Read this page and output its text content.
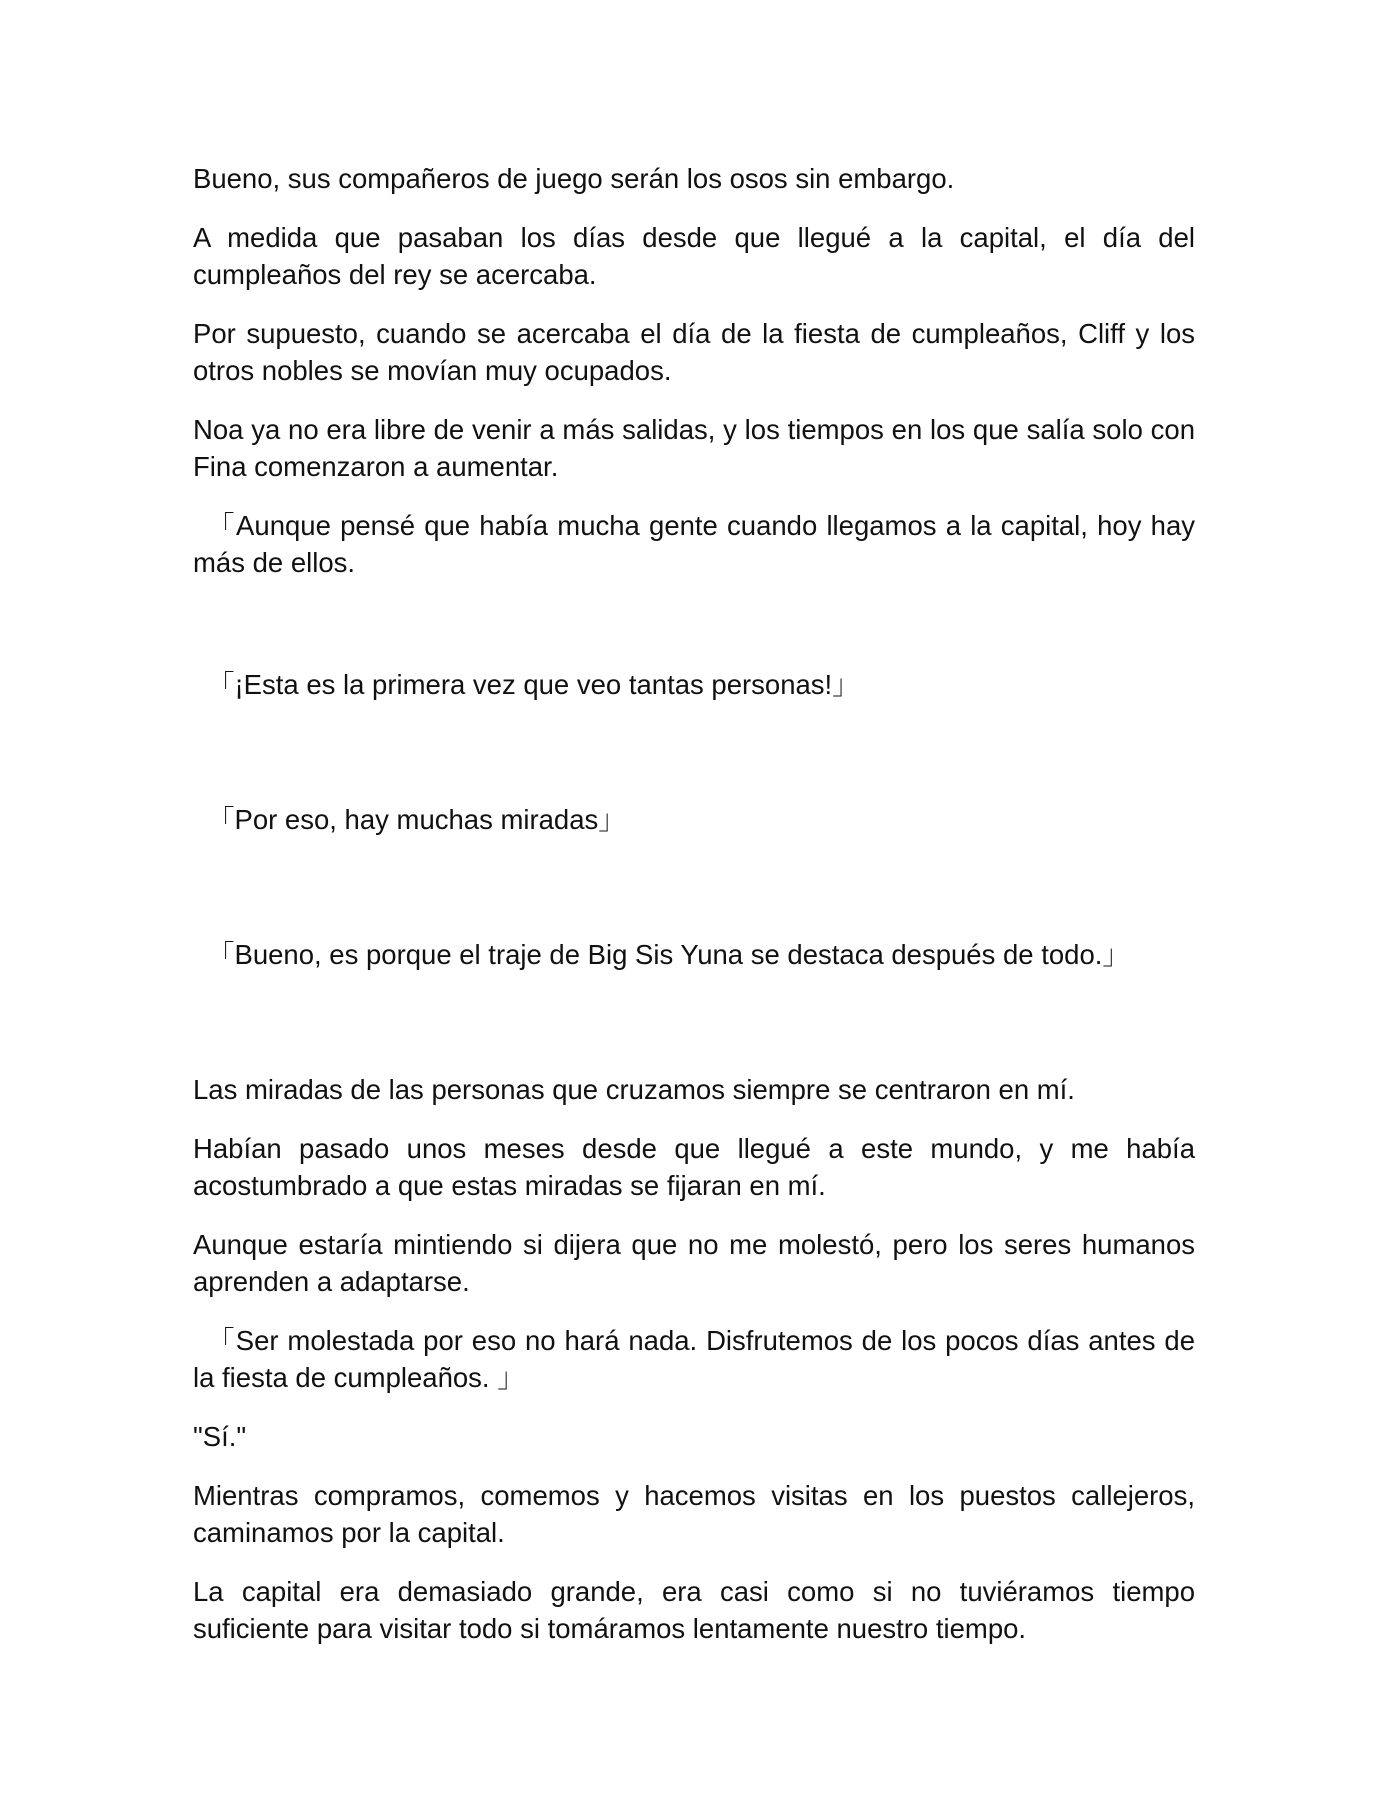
Bueno, sus compañeros de juego serán los osos sin embargo.

A medida que pasaban los días desde que llegué a la capital, el día del cumpleaños del rey se acercaba.

Por supuesto, cuando se acercaba el día de la fiesta de cumpleaños, Cliff y los otros nobles se movían muy ocupados.

Noa ya no era libre de venir a más salidas, y los tiempos en los que salía solo con Fina comenzaron a aumentar.

「Aunque pensé que había mucha gente cuando llegamos a la capital, hoy hay más de ellos.

「¡Esta es la primera vez que veo tantas personas!」

「Por eso, hay muchas miradas」

「Bueno, es porque el traje de Big Sis Yuna se destaca después de todo.」

Las miradas de las personas que cruzamos siempre se centraron en mí.

Habían pasado unos meses desde que llegué a este mundo, y me había acostumbrado a que estas miradas se fijaran en mí.

Aunque estaría mintiendo si dijera que no me molestó, pero los seres humanos aprenden a adaptarse.

「Ser molestada por eso no hará nada. Disfrutemos de los pocos días antes de la fiesta de cumpleaños. 」

"Sí."

Mientras compramos, comemos y hacemos visitas en los puestos callejeros, caminamos por la capital.

La capital era demasiado grande, era casi como si no tuviéramos tiempo suficiente para visitar todo si tomáramos lentamente nuestro tiempo.
